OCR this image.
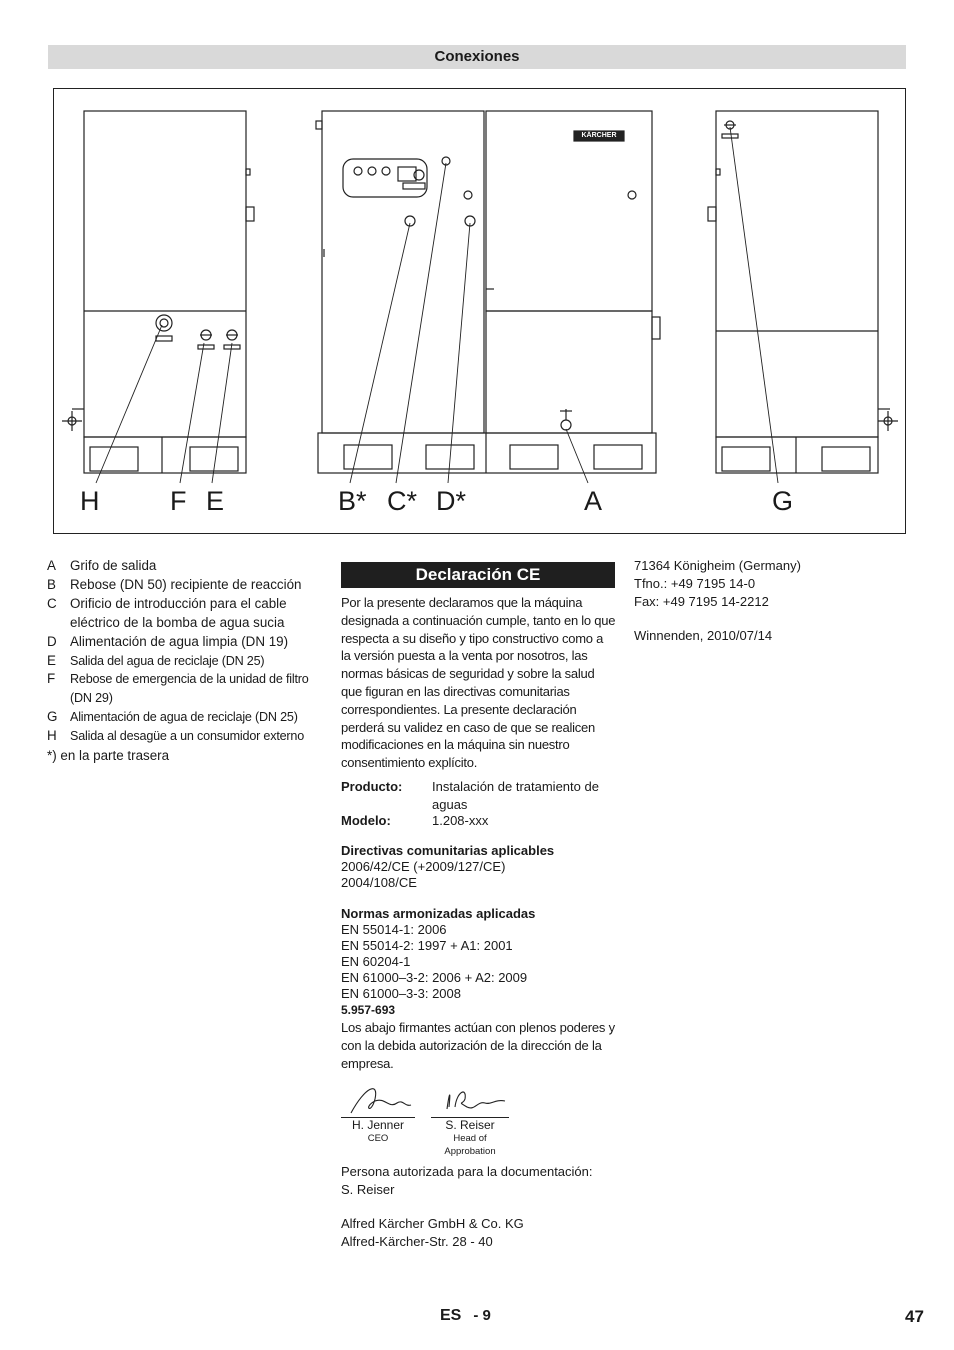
Conexiones
H	F E	B* C* D*	A	G
KÄRCHER
A	Grifo de salida
B	Rebose (DN 50) recipiente de reacción
C Orificio de introducción para el cable eléctrico de la bomba de agua sucia
D Alimentación de agua limpia (DN 19)
E	Salida del agua de reciclaje (DN 25)
F	Rebose de emergencia de la unidad de filtro (DN 29)
G Alimentación de agua de reciclaje (DN 25)
H	Salida al desagüe a un consumidor externo
*) en la parte trasera
Declaración CE

Por la presente declaramos que la máquina designada a continuación cumple, tanto en lo que respecta a su diseño y tipo constructivo como a la versión puesta a la venta por nosotros, las normas básicas de seguridad y sobre la salud que figuran en las directivas comunitarias correspondientes. La presente declaración perderá su validez en caso de que se realicen modificaciones en la máquina sin nuestro consentimiento explícito.

Producto:	Instalación de tratamiento de aguas
Modelo:	1.208-xxx
Directivas comunitarias aplicables
2006/42/CE (+2009/127/CE)
2004/108/CE
Normas armonizadas aplicadas
EN 55014-1: 2006
EN 55014-2: 1997 + A1: 2001
EN 60204-1
EN 61000–3-2: 2006 + A2: 2009
EN 61000–3-3: 2008

5.957-693

Los abajo firmantes actúan con plenos poderes y con la debida autorización de la dirección de la empresa.

H. Jenner
CEO
S. Reiser
Head of Approbation

Persona autorizada para la documentación:

S. Reiser

Alfred Kärcher GmbH & Co. KG

Alfred-Kärcher-Str. 28 - 40

71364 Königheim (Germany)

Tfno.: +49 7195 14-0

Fax: +49 7195 14-2212

Winnenden, 2010/07/14

ES - 9	47
